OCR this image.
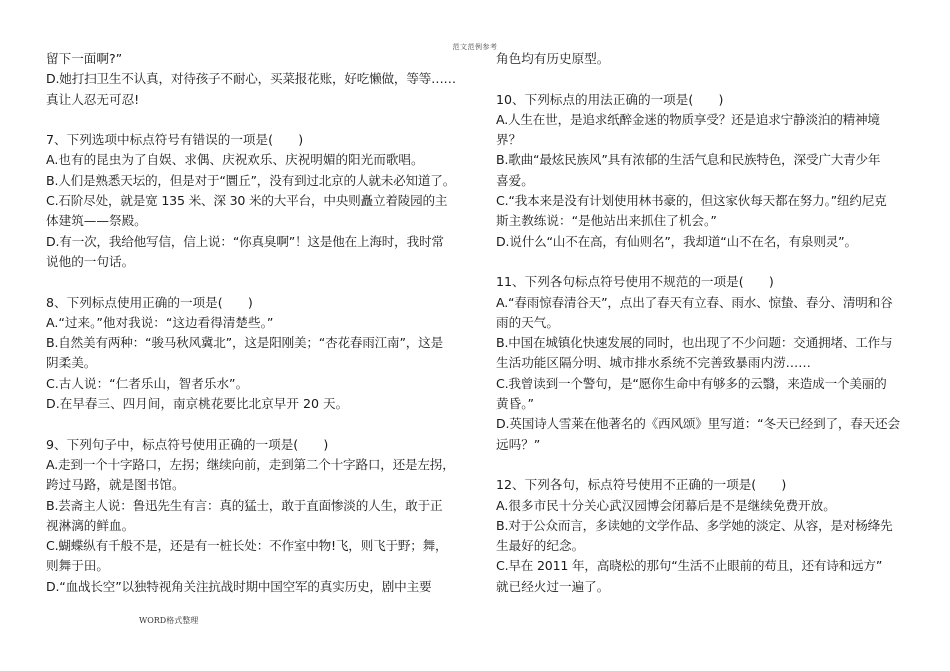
范文范例参考
留下一面啊?”
D.她打扫卫生不认真，对待孩子不耐心，买菜报花账，好吃懒做，等等……
真让人忍无可忍!
7、下列选项中标点符号有错误的一项是(　　)
A.也有的昆虫为了自娱、求偶、庆祝欢乐、庆祝明媚的阳光而歌唱。
B.人们是熟悉天坛的，但是对于“圜丘”，没有到过北京的人就未必知道了。
C.石阶尽处，就是宽 135 米、深 30 米的大平台，中央则矗立着陵园的主
体建筑——祭殿。
D.有一次，我给他写信，信上说：“你真臭啊”！这是他在上海时，我时常
说他的一句话。
8、下列标点使用正确的一项是(　　)
A.“过来。”他对我说：“这边看得清楚些。”
B.自然美有两种：“骏马秋风冀北”，这是阳刚美；“杏花春雨江南”，这是
阴柔美。
C.古人说：“仁者乐山，智者乐水”。
D.在早春三、四月间，南京桃花要比北京早开 20 天。
9、下列句子中，标点符号使用正确的一项是(　　)
A.走到一个十字路口，左拐；继续向前，走到第二个十字路口，还是左拐，
跨过马路，就是图书馆。
B.芸斋主人说：鲁迅先生有言：真的猛士，敢于直面惨淡的人生，敢于正
视淋漓的鲜血。
C.蝴蝶纵有千般不是，还是有一桩长处：不作室中物!飞，则飞于野；舞，
则舞于田。
D.“血战长空”以独特视角关注抗战时期中国空军的真实历史，剧中主要
角色均有历史原型。
10、下列标点的用法正确的一项是(　　)
A.人生在世，是追求纸醉金迷的物质享受？还是追求宁静淡泊的精神境
界？
B.歌曲“最炫民族风”具有浓郁的生活气息和民族特色，深受广大青少年
喜爱。
C.“我本来是没有计划使用林书豪的，但这家伙每天都在努力。”纽约尼克
斯主教练说：“是他站出来抓住了机会。”
D.说什么“山不在高，有仙则名”，我却道“山不在名，有泉则灵”。
11、下列各句标点符号使用不规范的一项是(　　)
A.“春雨惊春清谷天”，点出了春天有立春、雨水、惊蛰、春分、清明和谷
雨的天气。
B.中国在城镇化快速发展的同时，也出现了不少问题：交通拥堵、工作与
生活功能区隔分明、城市排水系统不完善致暴雨内涝……
C.我曾读到一个警句，是“愿你生命中有够多的云翳，来造成一个美丽的
黄昏。”
D.英国诗人雪莱在他著名的《西风颂》里写道：“冬天已经到了，春天还会
远吗？”
12、下列各句，标点符号使用不正确的一项是(　　)
A.很多市民十分关心武汉园博会闭幕后是不是继续免费开放。
B.对于公众而言，多读她的文学作品、多学她的淡定、从容，是对杨绛先
生最好的纪念。
C.早在 2011 年，高晓松的那句“生活不止眼前的苟且，还有诗和远方”
就已经火过一遍了。
WORD格式整理
